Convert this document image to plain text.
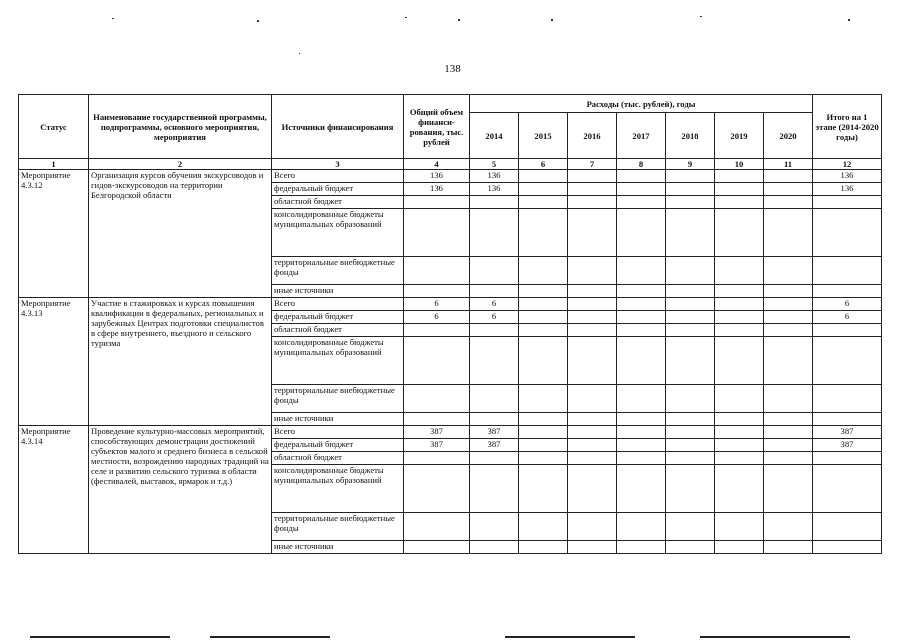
138
Статус	Наименование государственной программы, подпрограммы, основного мероприятия, мероприятия	Источники финансирования	Общий объем финанси-рования, тыс. рублей	Расходы (тыс. рублей), годы							Итого на 1 этапе (2014-2020 годы)
				2014	2015	2016	2017	2018	2019	2020	
1	2	3	4	5	6	7	8	9	10	11	12
Мероприятие 4.3.12	Организация курсов обучения экскурсоводов и гидов-экскурсоводов на территории Белгородской области	Всего	136	136							136
		федеральный бюджет	136	136							136
		областной бюджет									
		консолидированные бюджеты муниципальных образований									
		территориальные внебюджетные фонды									
		иные источники									
Мероприятие 4.3.13	Участие в стажировках и курсах повышения квалификации в федеральных, региональных и зарубежных Центрах подготовки специалистов в сфере внутреннего, въездного и сельского туризма	Всего	6	6							6
		федеральный бюджет	6	6							6
		областной бюджет									
		консолидированные бюджеты муниципальных образований									
		территориальные внебюджетные фонды									
		иные источники									
Мероприятие 4.3.14	Проведение культурно-массовых мероприятий, способствующих демонстрации достижений субъектов малого и среднего бизнеса в сельской местности, возрождению народных традиций на селе и развитию сельского туризма в области (фестивалей, выставок, ярмарок и т.д.)	Всего	387	387							387
		федеральный бюджет	387	387							387
		областной бюджет									
		консолидированные бюджеты муниципальных образований									
		территориальные внебюджетные фонды									
		иные источники									
